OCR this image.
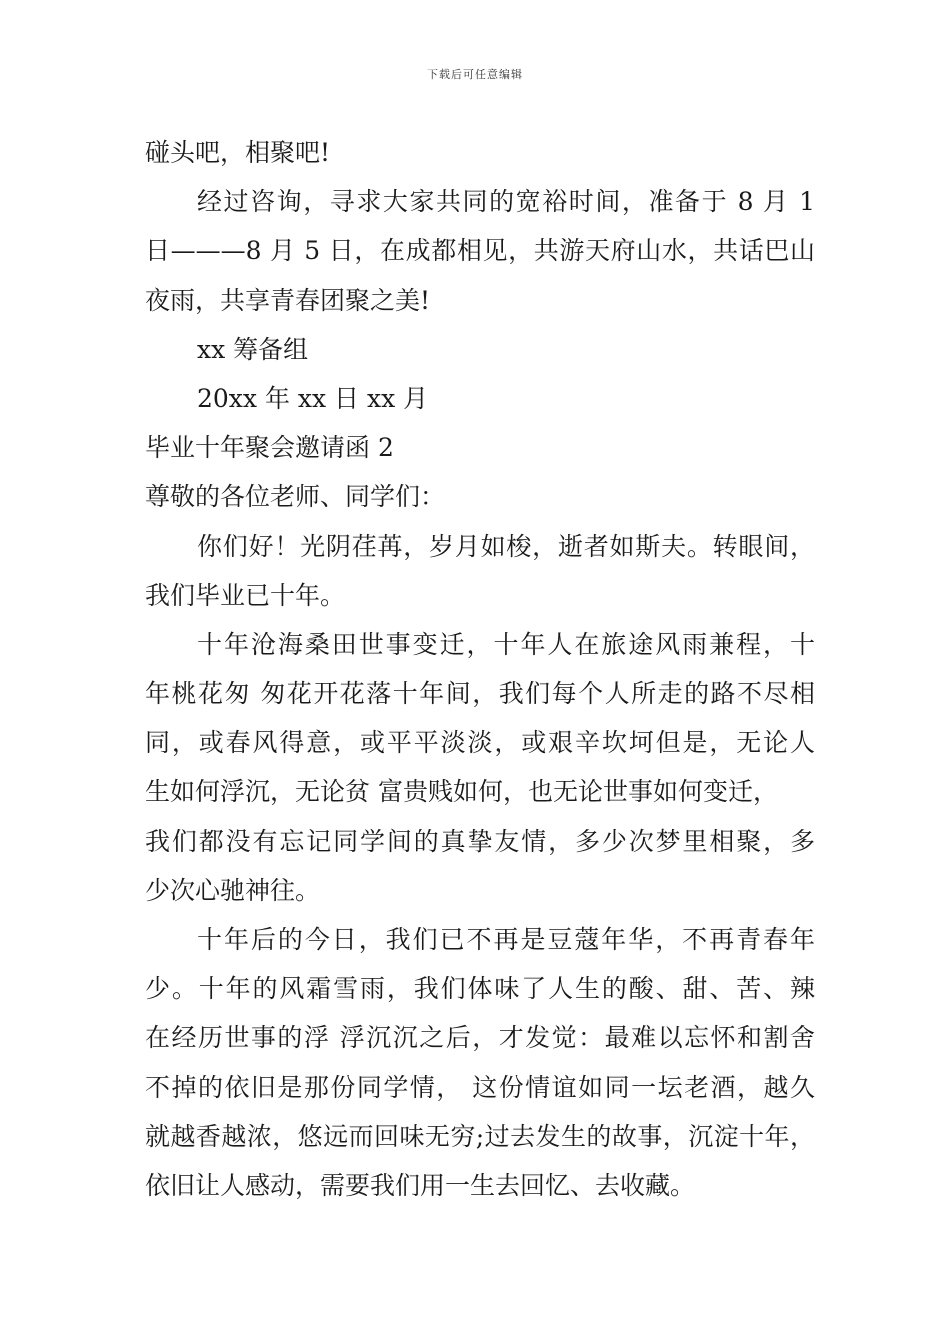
下载后可任意编辑
碰头吧，相聚吧!
经过咨询，寻求大家共同的宽裕时间，准备于 8 月 1
日———8 月 5 日，在成都相见，共游天府山水，共话巴山
夜雨，共享青春团聚之美!
xx 筹备组
20xx 年 xx 日 xx 月
毕业十年聚会邀请函 2
尊敬的各位老师、同学们：
你们好！光阴荏苒，岁月如梭，逝者如斯夫。转眼间，
我们毕业已十年。
十年沧海桑田世事变迁，十年人在旅途风雨兼程，十
年桃花匆 匆花开花落十年间，我们每个人所走的路不尽相
同，或春风得意，或平平淡淡，或艰辛坎坷但是，无论人
生如何浮沉，无论贫 富贵贱如何，也无论世事如何变迁，
我们都没有忘记同学间的真挚友情，多少次梦里相聚，多
少次心驰神往。
十年后的今日，我们已不再是豆蔻年华，不再青春年
少。十年的风霜雪雨，我们体味了人生的酸、甜、苦、辣
在经历世事的浮 浮沉沉之后，才发觉：最难以忘怀和割舍
不掉的依旧是那份同学情， 这份情谊如同一坛老酒，越久
就越香越浓，悠远而回味无穷;过去发生的故事，沉淀十年，
依旧让人感动，需要我们用一生去回忆、去收藏。
